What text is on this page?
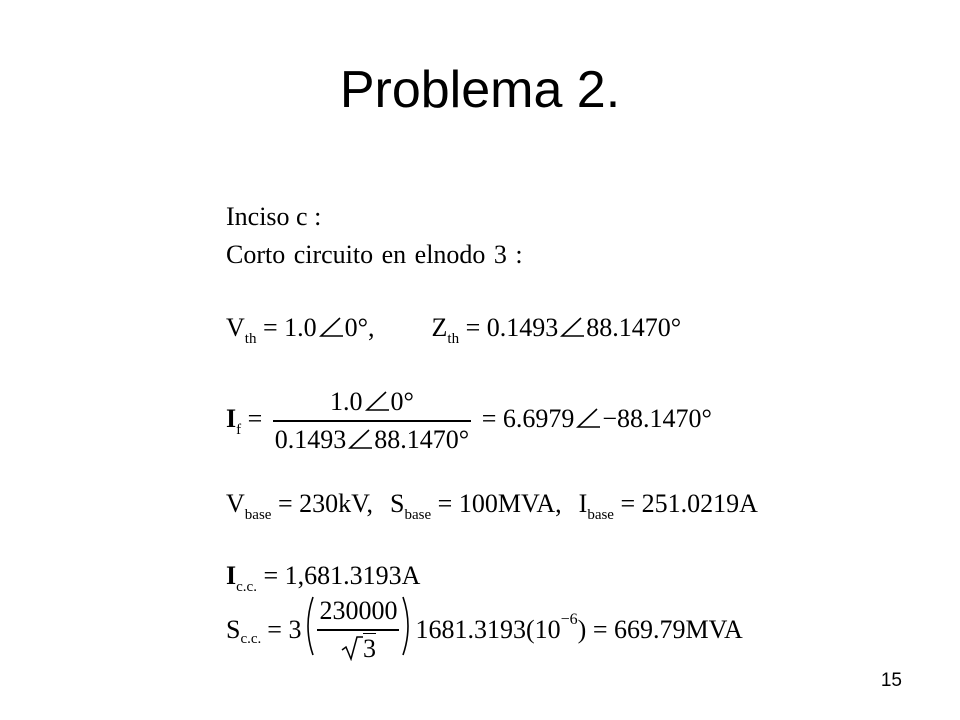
Problema 2.
Inciso c :
Corto circuito en elnodo 3 :
$V_{th} = 1.0$ 0°, $Z_{th} = 0.1493$ 88.1470°
$I_f = \frac{1.0 0^\circ}{0.1493 88.1470^\circ} = 6.6979 -88.1470^\circ$
$V_{base} = 230kV$, $S_{base} = 100MVA$, $I_{base} = 251.0219A$
$I_{c.c.} = 1,681.3193A$
S c.c. = $3 \frac{230000}{3} 1681.3193(10 -6$ ) = 669.79MVA
15
